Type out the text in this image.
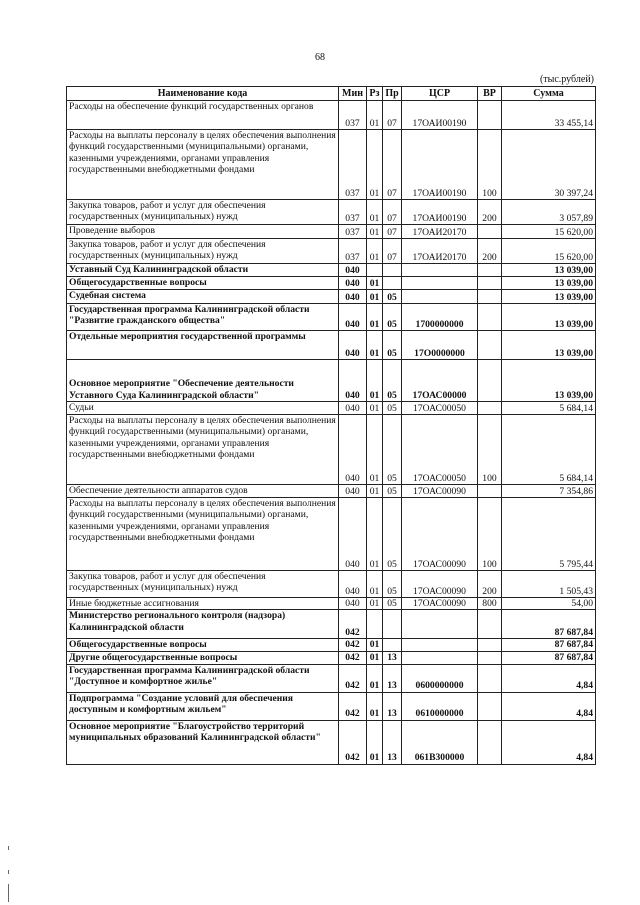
68
(тыс.рублей)
Наименование кода	Мин	Рз	Пр	ЦСР	ВР	Сумма
Расходы на обеспечение функций государственных органов	037	01	07	17ОАИ00190		33 455,14
Расходы на выплаты персоналу в целях обеспечения выполнения функций государственными (муниципальными) органами, казенными учреждениями, органами управления государственными внебюджетными фондами	037	01	07	17ОАИ00190	100	30 397,24
Закупка товаров, работ и услуг для обеспечения государственных (муниципальных) нужд	037	01	07	17ОАИ00190	200	3 057,89
Проведение выборов	037	01	07	17ОАИ20170		15 620,00
Закупка товаров, работ и услуг для обеспечения государственных (муниципальных) нужд	037	01	07	17ОАИ20170	200	15 620,00
Уставный Суд Калининградской области	040					13 039,00
Общегосударственные вопросы	040	01				13 039,00
Судебная система	040	01	05			13 039,00
Государственная программа Калининградской области "Развитие гражданского общества"	040	01	05	1700000000		13 039,00
Отдельные мероприятия государственной программы	040	01	05	17О0000000		13 039,00
Основное мероприятие "Обеспечение деятельности Уставного Суда Калининградской области"	040	01	05	17ОАС00000		13 039,00
Судьи	040	01	05	17ОАС00050		5 684,14
Расходы на выплаты персоналу в целях обеспечения выполнения функций государственными (муниципальными) органами, казенными учреждениями, органами управления государственными внебюджетными фондами	040	01	05	17ОАС00050	100	5 684,14
Обеспечение деятельности аппаратов судов	040	01	05	17ОАС00090		7 354,86
Расходы на выплаты персоналу в целях обеспечения выполнения функций государственными (муниципальными) органами, казенными учреждениями, органами управления государственными внебюджетными фондами	040	01	05	17ОАС00090	100	5 795,44
Закупка товаров, работ и услуг для обеспечения государственных (муниципальных) нужд	040	01	05	17ОАС00090	200	1 505,43
Иные бюджетные ассигнования	040	01	05	17ОАС00090	800	54,00
Министерство регионального контроля (надзора) Калининградской области	042					87 687,84
Общегосударственные вопросы	042	01				87 687,84
Другие общегосударственные вопросы	042	01	13			87 687,84
Государственная программа Калининградской области "Доступное и комфортное жилье"	042	01	13	0600000000		4,84
Подпрограмма "Создание условий для обеспечения доступным и комфортным жильем"	042	01	13	0610000000		4,84
Основное мероприятие "Благоустройство территорий муниципальных образований Калининградской области"	042	01	13	061B300000		4,84
